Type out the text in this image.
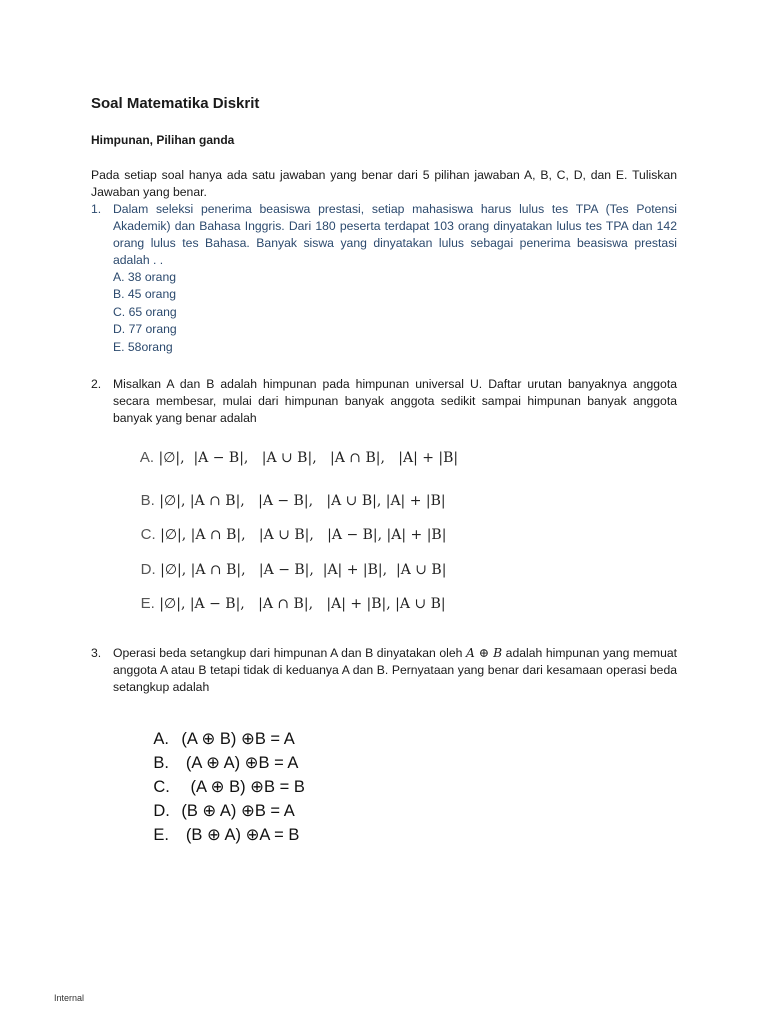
Soal Matematika Diskrit
Himpunan, Pilihan ganda
Pada setiap soal hanya ada satu jawaban yang benar dari 5 pilihan jawaban A, B, C, D, dan E. Tuliskan Jawaban yang benar.
1. Dalam seleksi penerima beasiswa prestasi, setiap mahasiswa harus lulus tes TPA (Tes Potensi Akademik) dan Bahasa Inggris. Dari 180 peserta terdapat 103 orang dinyatakan lulus tes TPA dan 142 orang lulus tes Bahasa. Banyak siswa yang dinyatakan lulus sebagai penerima beasiswa prestasi adalah . .
A. 38 orang
B. 45 orang
C. 65 orang
D. 77 orang
E. 58orang
2. Misalkan A dan B adalah himpunan pada himpunan universal U. Daftar urutan banyaknya anggota secara membesar, mulai dari himpunan banyak anggota sedikit sampai himpunan banyak anggota banyak yang benar adalah

A. |∅|,  |A − B|,   |A ∪ B|,   |A ∩ B|,   |A| + |B|

B. |∅|, |A ∩ B|,   |A − B|,   |A ∪ B|, |A| + |B|

C. |∅|, |A ∩ B|,   |A ∪ B|,   |A − B|, |A| + |B|

D. |∅|, |A ∩ B|,   |A − B|,  |A| + |B|,  |A ∪ B|

E. |∅|, |A − B|,   |A ∩ B|,   |A| + |B|, |A ∪ B|

3. Operasi beda setangkup dari himpunan A dan B dinyatakan oleh A ⊕ B adalah himpunan yang memuat anggota A atau B tetapi tidak di keduanya A dan B. Pernyataan yang benar dari kesamaan operasi beda setangkup adalah

A. (A ⊕ B) ⊕B = A

B. (A ⊕ A) ⊕B = A

C.  (A ⊕ B) ⊕B = B

D. (B ⊕ A) ⊕B = A

E. (B ⊕ A) ⊕A = B

Internal
